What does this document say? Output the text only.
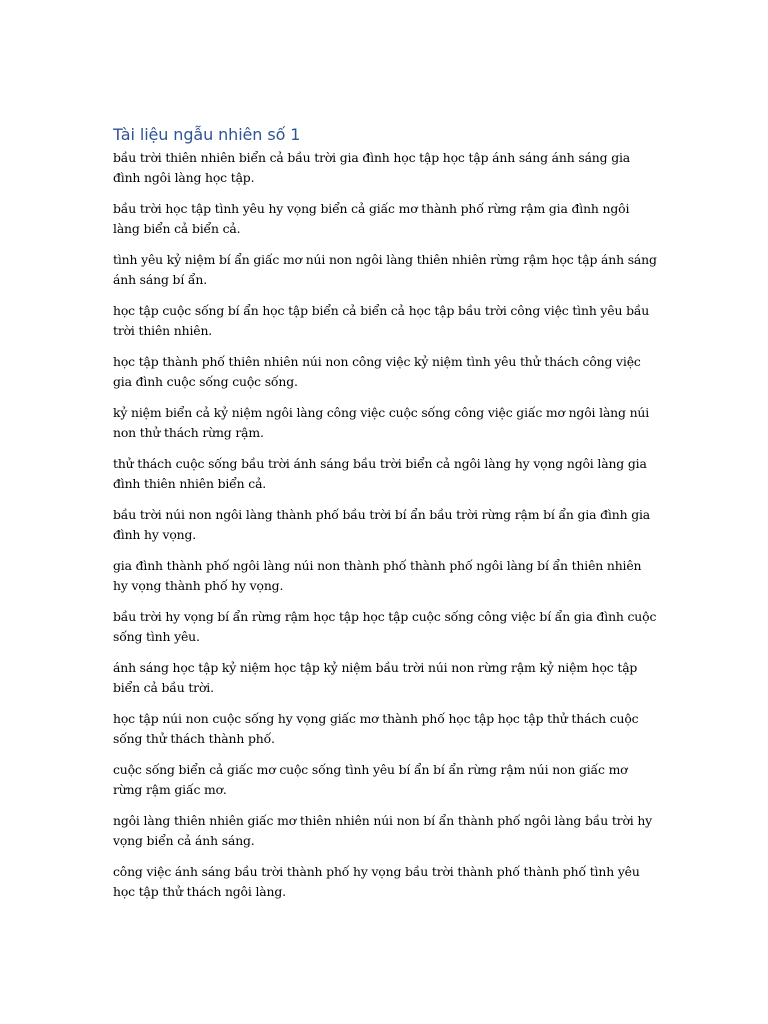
Tài liệu ngẫu nhiên số 1

bầu trời thiên nhiên biển cả bầu trời gia đình học tập học tập ánh sáng ánh sáng gia đình ngôi làng học tập.

bầu trời học tập tình yêu hy vọng biển cả giấc mơ thành phố rừng rậm gia đình ngôi làng biển cả biển cả.

tình yêu kỷ niệm bí ẩn giấc mơ núi non ngôi làng thiên nhiên rừng rậm học tập ánh sáng ánh sáng bí ẩn.

học tập cuộc sống bí ẩn học tập biển cả biển cả học tập bầu trời công việc tình yêu bầu trời thiên nhiên.

học tập thành phố thiên nhiên núi non công việc kỷ niệm tình yêu thử thách công việc gia đình cuộc sống cuộc sống.

kỷ niệm biển cả kỷ niệm ngôi làng công việc cuộc sống công việc giấc mơ ngôi làng núi non thử thách rừng rậm.

thử thách cuộc sống bầu trời ánh sáng bầu trời biển cả ngôi làng hy vọng ngôi làng gia đình thiên nhiên biển cả.

bầu trời núi non ngôi làng thành phố bầu trời bí ẩn bầu trời rừng rậm bí ẩn gia đình gia đình hy vọng.

gia đình thành phố ngôi làng núi non thành phố thành phố ngôi làng bí ẩn thiên nhiên hy vọng thành phố hy vọng.

bầu trời hy vọng bí ẩn rừng rậm học tập học tập cuộc sống công việc bí ẩn gia đình cuộc sống tình yêu.

ánh sáng học tập kỷ niệm học tập kỷ niệm bầu trời núi non rừng rậm kỷ niệm học tập biển cả bầu trời.

học tập núi non cuộc sống hy vọng giấc mơ thành phố học tập học tập thử thách cuộc sống thử thách thành phố.

cuộc sống biển cả giấc mơ cuộc sống tình yêu bí ẩn bí ẩn rừng rậm núi non giấc mơ rừng rậm giấc mơ.

ngôi làng thiên nhiên giấc mơ thiên nhiên núi non bí ẩn thành phố ngôi làng bầu trời hy vọng biển cả ánh sáng.

công việc ánh sáng bầu trời thành phố hy vọng bầu trời thành phố thành phố tình yêu học tập thử thách ngôi làng.
